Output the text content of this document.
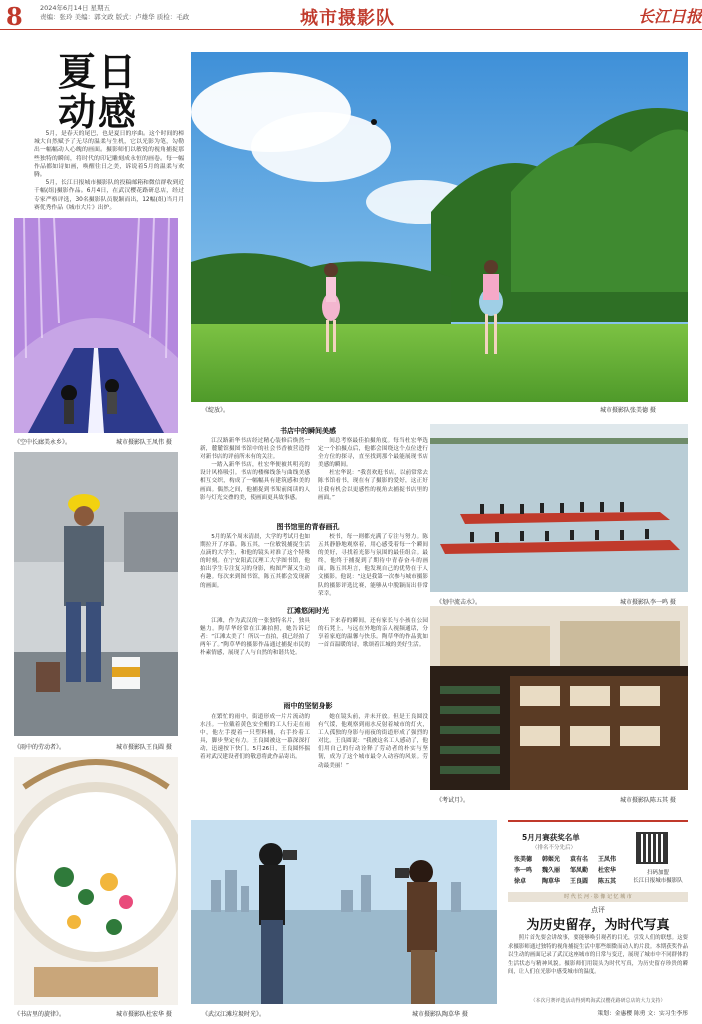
8	2024年6月14日 星期五
责编：张玲 美编：郭文政 版式：卢雄华 质检：毛政	城市摄影队	长江日报
夏日
动感

5月，是春天的尾巴，也是夏日的序曲。这个时间的樟城大自然赋予了无尽的温柔与生机，它以光影为笔，勾勒出一幅幅动人心魄的画面。摄影师们以敏锐的视角捕捉那些独特的瞬间，将时代的印记雕刻成永恒的画卷。每一幅作品都如诗如画，唤醒往日之美，诉说着5月的温柔与欢腾。

5月，长江日报城市摄影队的投稿邮箱和微信群收到近千幅(组)摄影作品。6月4日，在武汉樱花路研总店，经过专家严格评选，30名摄影队员脱颖而出，12幅(组)当月月赛优秀作品《城市大片》出炉。

《绽放》。	城市摄影队张美德 摄
《空中长廊美永乡》。	城市摄影队王凤伟 摄
《雨中的劳动者》。	城市摄影队王良圆 摄
《书店里的旋律》。	城市摄影队杜宏华 摄
书店中的瞬间美感

江汉路新华书店经过精心装修后焕然一新，麓麓馆摄图书馆中的社会书香被营造得对新书店的评前所未有的关注。

一踏入新华书店，杜宏华便被其明亮的设计风格吸引。书店的楼梯线条与曲线美感相互交织，构成了一幅幅具有建筑感和美的画面。偶然之间，他捕捉到书架前阅读的人影与灯光交叠的美，使画面更具故事感。

间总考察最佳拍摄角度。每当杜宏华选定一个拍摄点后，他都会围绕这个点位进行全方位的探寻，直至找到那个最能展现书店美感的瞬间。

杜宏华说：“我喜欢逛书店，以前常常去陈书馆看书，现在有了摄影的爱好，这正好让我有机会以更感性的视角去捕捉书店里的画面。”

图书馆里的青春画孔
5月的某个周末清晨，大学的考试月也如期拉开了序幕。陈五其，一位敏锐捕捉生活点滴的大学生，和他的镜头对准了这个特殊的时刻。在宁安阳武汉理工大学图书馆，他拍出学生专注复习的身影，构图严谨又生动有趣。每次来到图书馆，陈五其都会发现新的画面。
校书，每一则都充满了专注与努力。陈五其静静地观察着，用心感受着每一个瞬间的美好，寻找着光影与氛围的最佳组合。最终，他终于捕捉到了期待中青春奋斗的画面。陈五其坦言，他发现自己的优势在于人文摄影。他说：“这是我第一次参与城市摄影队的摄影评选比赛，能够从中脱颖而出非常荣幸。
江滩悠闲时光
江滩，作为武汉的一张独特名片，独具魅力。陶草华经常在江滩拍照，她告诉记者：“江滩太美了！所以一直拍，我已经拍了两年了。”陶草华的摄影作品通过捕捉市民的朴素情感，展现了人与自然的和谐共处。
下来春的瞬间，还有家长与小孩在公园的石凳上，与远在外地的亲人视频通话，分享着家庭的温馨与快乐。陶草华的作品犹如一首首温暖的诗，歌颂着江城的美好生活。
雨中的坚韧身影
在繁忙的雨中，街道形成一片片流动的水洼。一位戴着黄色安全帽的工人行走在雨中，他左手提着一只塑料桶，右手拎着工具，脚步坚定有力。王良圆被这一幕深深打动，迅速按下快门。5月26日，王良圆怀揣着对武汉建设者们的敬意将此作品寄出。
她在镜头前，并未开放。但是王良圆没有气馁，他观察到雨水反射着城市的灯火，工人孤独的身影与雨夜的街道形成了强烈的对比。王良圆说：“我被这名工人感动了，他们用自己的行动诠释了劳动者的朴实与坚韧，成为了这个城市最令人动容的风景。劳动最美丽！”
《划中流击水》。	城市摄影队李一鸣 摄
《考试月》。	城市摄影队陈五其 摄
《武汉江滩垃圾时光》。	城市摄影队陶草华 摄
5月月赛获奖名单
（排名不分先后）
张美德	韩姬光	袁有名	王凤伟
李一鸣	魏久丽	邹凤勤	杜宏华
徐卓	陶草华	王良圆	陈五其
扫码加盟
长江日报城市摄影队
时 代 长 河 · 影 像 记 忆 城 市
点评
为历史留存，为时代写真
照片首先要会讲故事，要能够唤引观者的目光，引发人们的联想。这要求摄影师通过独特的视角捕捉生活中那些细微而动人的片段。本期获奖作品以生动的画面记录了武汉这座城市的日常与变迁，展现了城市中不同群体的生活状态与精神风貌。摄影师们用镜头为时代写真，为历史留存珍贵的瞬间，让人们在光影中感受城市的温度。
（本次月赛评选活动得到鸣海武汉樱花路研总店的大力支持）
策划：金惠樱 陈勇 文：实习生李彤
